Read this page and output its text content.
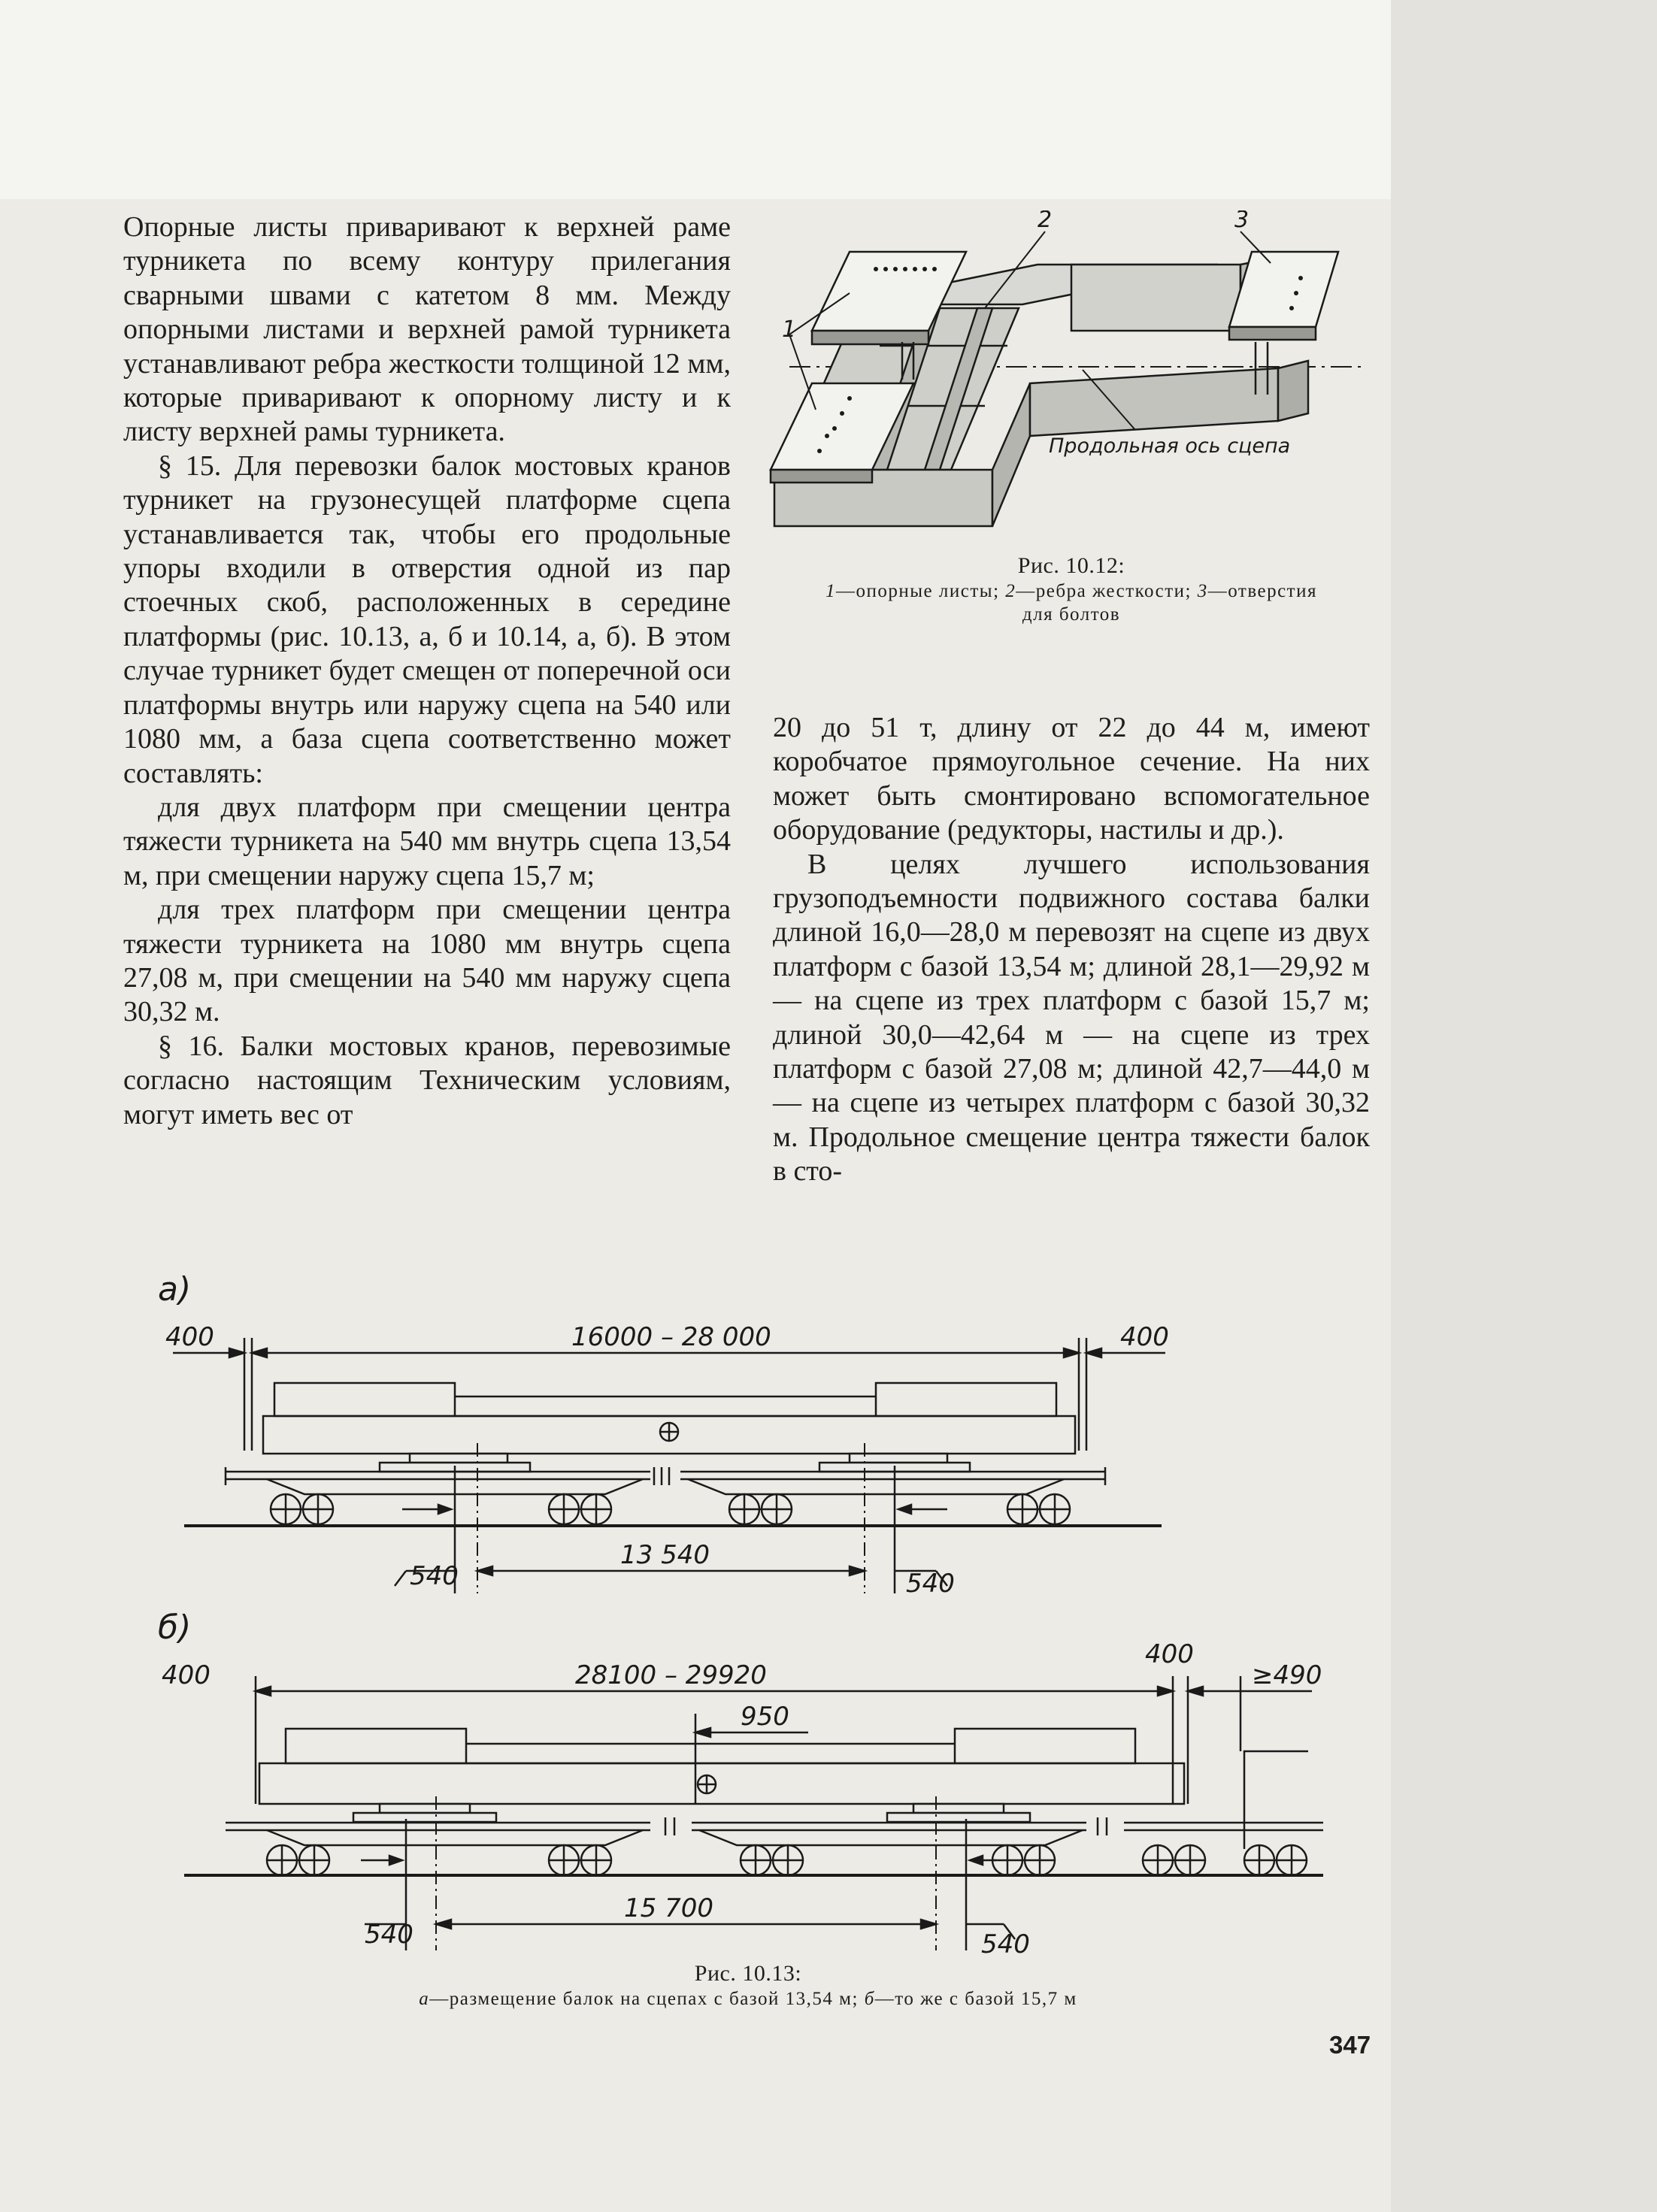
Опорные листы приваривают к верхней раме турникета по всему контуру прилегания сварными швами с катетом 8 мм. Между опорными листами и верхней рамой турникета устанавливают ребра жесткости толщиной 12 мм, которые приваривают к опорному листу и к листу верхней рамы турникета.

§ 15. Для перевозки балок мостовых кранов турникет на грузонесущей платформе сцепа устанавливается так, чтобы его продольные упоры входили в отверстия одной из пар стоечных скоб, расположенных в середине платформы (рис. 10.13, а, б и 10.14, а, б). В этом случае турникет будет смещен от поперечной оси платформы внутрь или наружу сцепа на 540 или 1080 мм, а база сцепа соответственно может составлять:

для двух платформ при смещении центра тяжести турникета на 540 мм внутрь сцепа 13,54 м, при смещении наружу сцепа 15,7 м;

для трех платформ при смещении центра тяжести турникета на 1080 мм внутрь сцепа 27,08 м, при смещении на 540 мм наружу сцепа 30,32 м.

§ 16. Балки мостовых кранов, перевозимые согласно настоящим Техническим условиям, могут иметь вес от

20 до 51 т, длину от 22 до 44 м, имеют коробчатое прямоугольное сечение. На них может быть смонтировано вспомогательное оборудование (редукторы, настилы и др.).

В целях лучшего использования грузоподъемности подвижного состава балки длиной 16,0—28,0 м перевозят на сцепе из двух платформ с базой 13,54 м; длиной 28,1—29,92 м — на сцепе из трех платформ с базой 15,7 м; длиной 30,0—42,64 м — на сцепе из трех платформ с базой 27,08 м; длиной 42,7—44,0 м — на сцепе из четырех платформ с базой 30,32 м. Продольное смещение центра тяжести балок в сто-

1
2	3
Продольная ось сцепа
Рис. 10.12:
1—опорные листы; 2—ребра жесткости; 3—отверстия
для болтов
а)
400	16000 – 28 000	400
540
13 540
540
б)
400	28100 – 29920
400
≥490
950
540
15 700
540
Рис. 10.13:
а—размещение балок на сцепах с базой 13,54 м; б—то же с базой 15,7 м
347
